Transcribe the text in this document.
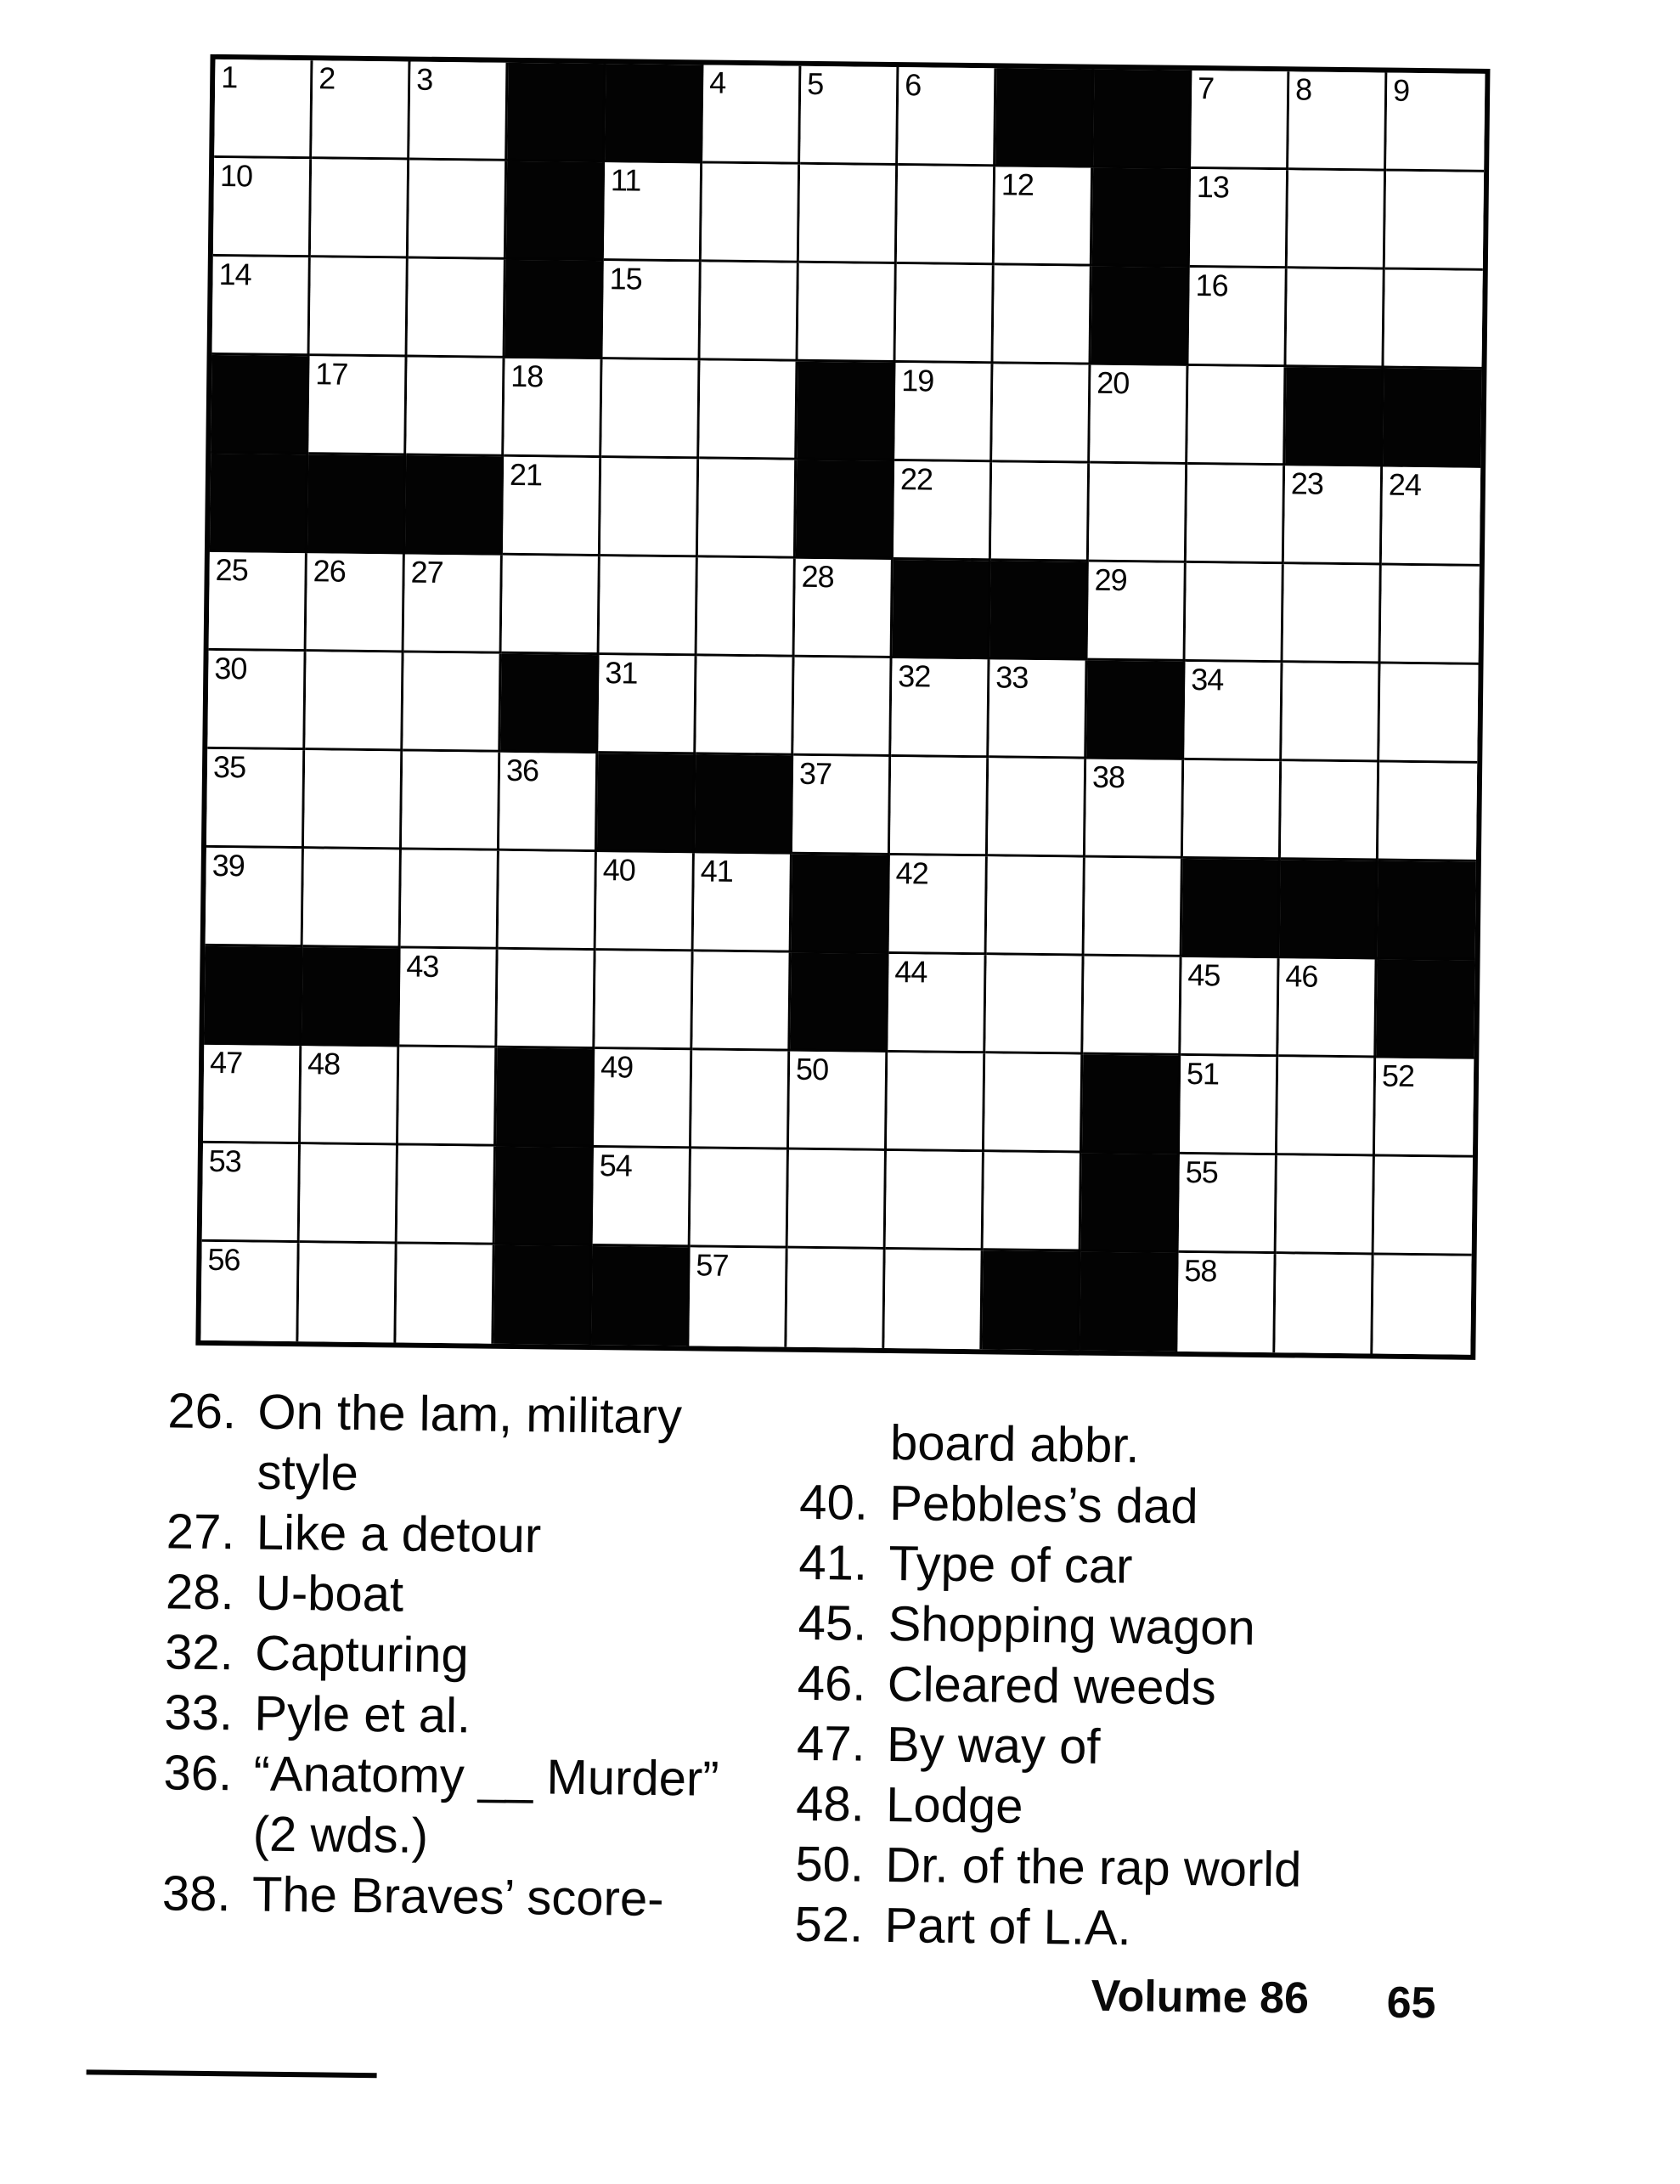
1	2	3	4	5	6	7	8	9
10	11	12	13
14	15	16
17	18	19	20
21	22	23 24
25 26 27	28	29
30	31	32 33	34
35	36	37	38
39	40 41	42
43	44	45 46
47 48	49	50	51	52
53	54	55
56	57	58
26. On the lam, military
style
27. Like a detour
28. U-boat
32. Capturing
33. Pyle et al.
36. “Anatomy __ Murder”
(2 wds.)
38. The Braves’ score-
board abbr.
40. Pebbles’s dad
41. Type of car
45. Shopping wagon
46. Cleared weeds
47. By way of
48. Lodge
50. Dr. of the rap world
52. Part of L.A.
Volume 86 65
